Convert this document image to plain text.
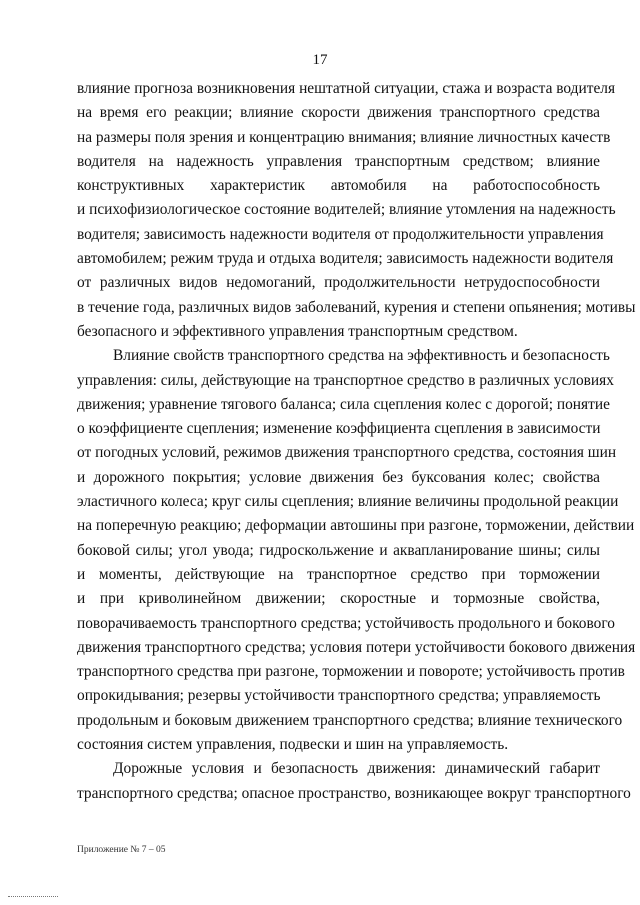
17
влияние прогноза возникновения нештатной ситуации, стажа и возраста водителя
на время его реакции; влияние скорости движения транспортного средства
на размеры поля зрения и концентрацию внимания; влияние личностных качеств
водителя на надежность управления транспортным средством; влияние
конструктивных характеристик автомобиля на работоспособность
и психофизиологическое состояние водителей; влияние утомления на надежность
водителя; зависимость надежности водителя от продолжительности управления
автомобилем; режим труда и отдыха водителя; зависимость надежности водителя
от различных видов недомоганий, продолжительности нетрудоспособности
в течение года, различных видов заболеваний, курения и степени опьянения; мотивы
безопасного и эффективного управления транспортным средством.
Влияние свойств транспортного средства на эффективность и безопасность
управления: силы, действующие на транспортное средство в различных условиях
движения; уравнение тягового баланса; сила сцепления колес с дорогой; понятие
о коэффициенте сцепления; изменение коэффициента сцепления в зависимости
от погодных условий, режимов движения транспортного средства, состояния шин
и дорожного покрытия; условие движения без буксования колес; свойства
эластичного колеса; круг силы сцепления; влияние величины продольной реакции
на поперечную реакцию; деформации автошины при разгоне, торможении, действии
боковой силы; угол увода; гидроскольжение и аквапланирование шины; силы
и моменты, действующие на транспортное средство при торможении
и при криволинейном движении; скоростные и тормозные свойства,
поворачиваемость транспортного средства; устойчивость продольного и бокового
движения транспортного средства; условия потери устойчивости бокового движения
транспортного средства при разгоне, торможении и повороте; устойчивость против
опрокидывания; резервы устойчивости транспортного средства; управляемость
продольным и боковым движением транспортного средства; влияние технического
состояния систем управления, подвески и шин на управляемость.
Дорожные условия и безопасность движения: динамический габарит
транспортного средства; опасное пространство, возникающее вокруг транспортного
Приложение № 7 – 05
